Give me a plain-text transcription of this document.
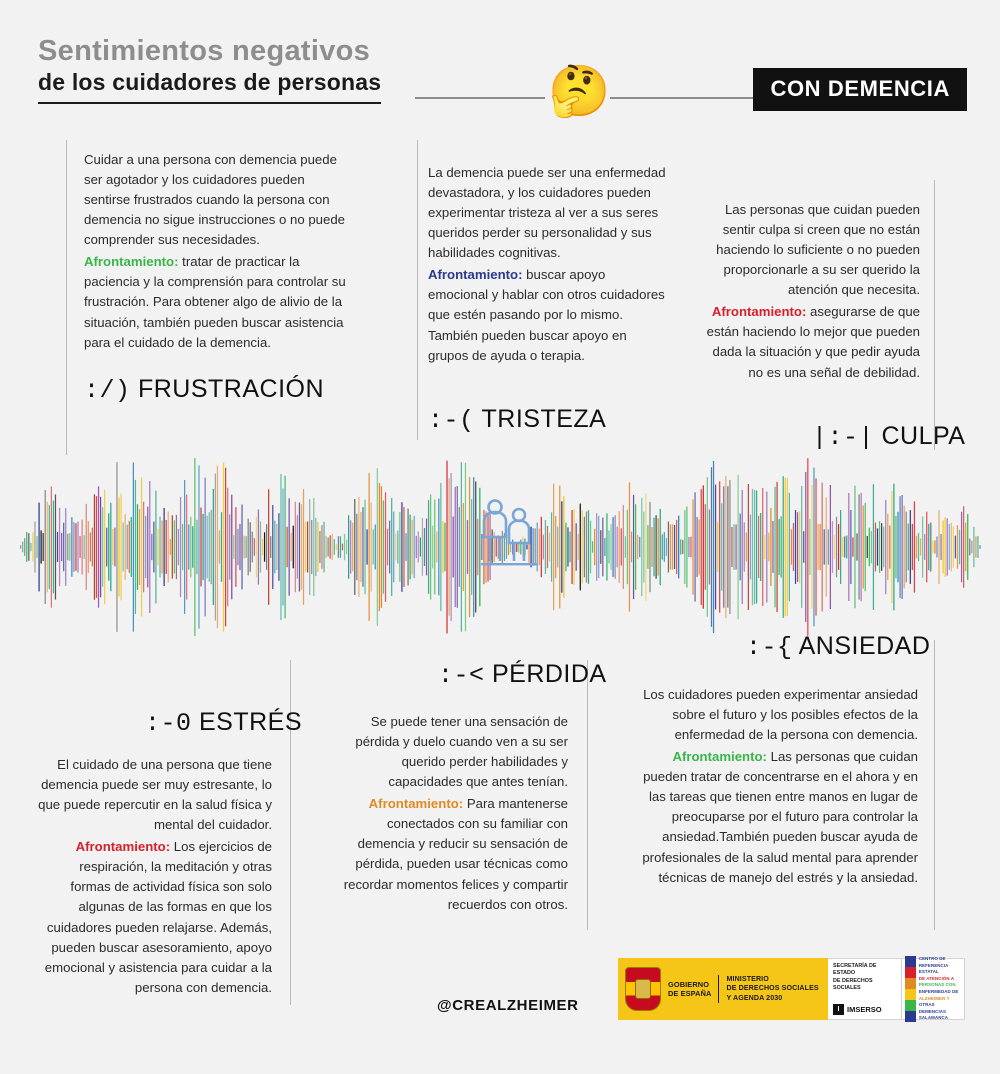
Sentimientos negativos
de los cuidadores de personas	🤔	CON DEMENCIA

Cuidar a una persona con demencia puede ser agotador y los cuidadores pueden sentirse frustrados cuando la persona con demencia no sigue instrucciones o no puede comprender sus necesidades.

Afrontamiento: tratar de practicar la paciencia y la comprensión para controlar su frustración. Para obtener algo de alivio de la situación, también pueden buscar asistencia para el cuidado de la demencia.

La demencia puede ser una enfermedad devastadora, y los cuidadores pueden experimentar tristeza al ver a sus seres queridos perder su personalidad y sus habilidades cognitivas.

Afrontamiento: buscar apoyo emocional y hablar con otros cuidadores que estén pasando por lo mismo. También pueden buscar apoyo en grupos de ayuda o terapia.

Las personas que cuidan pueden sentir culpa si creen que no están haciendo lo suficiente o no pueden proporcionarle a su ser querido la atención que necesita.

Afrontamiento: asegurarse de que están haciendo lo mejor que pueden dada la situación y que pedir ayuda no es una señal de debilidad.

:/) FRUSTRACIÓN
:-( TRISTEZA
|:-| CULPA
:-0 ESTRÉS
:-< PÉRDIDA
:-{ ANSIEDAD

El cuidado de una persona que tiene demencia puede ser muy estresante, lo que puede repercutir en la salud física y mental del cuidador.

Afrontamiento: Los ejercicios de respiración, la meditación y otras formas de actividad física son solo algunas de las formas en que los cuidadores pueden relajarse. Además, pueden buscar asesoramiento, apoyo emocional y asistencia para cuidar a la persona con demencia.

Se puede tener una sensación de pérdida y duelo cuando ven a su ser querido perder habilidades y capacidades que antes tenían.

Afrontamiento: Para mantenerse conectados con su familiar con demencia y reducir su sensación de pérdida, pueden usar técnicas como recordar momentos felices y compartir recuerdos con otros.

Los cuidadores pueden experimentar ansiedad sobre el futuro y los posibles efectos de la enfermedad de la persona con demencia.

Afrontamiento: Las personas que cuidan pueden tratar de concentrarse en el ahora y en las tareas que tienen entre manos en lugar de preocuparse por el futuro para controlar la ansiedad.También pueden buscar ayuda de profesionales de la salud mental para aprender técnicas de manejo del estrés y la ansiedad.

@CREALZHEIMER
GOBIERNO
DE ESPAÑA
MINISTERIO
DE DERECHOS SOCIALES
Y AGENDA 2030
SECRETARÍA DE ESTADO
DE DERECHOS SOCIALES
I	IMSERSO
CENTRO DE
REFERENCIA ESTATAL
DE ATENCIÓN A
PERSONAS CON
ENFERMEDAD DE
ALZHEIMER Y
OTRAS DEMENCIAS
SALAMANCA
